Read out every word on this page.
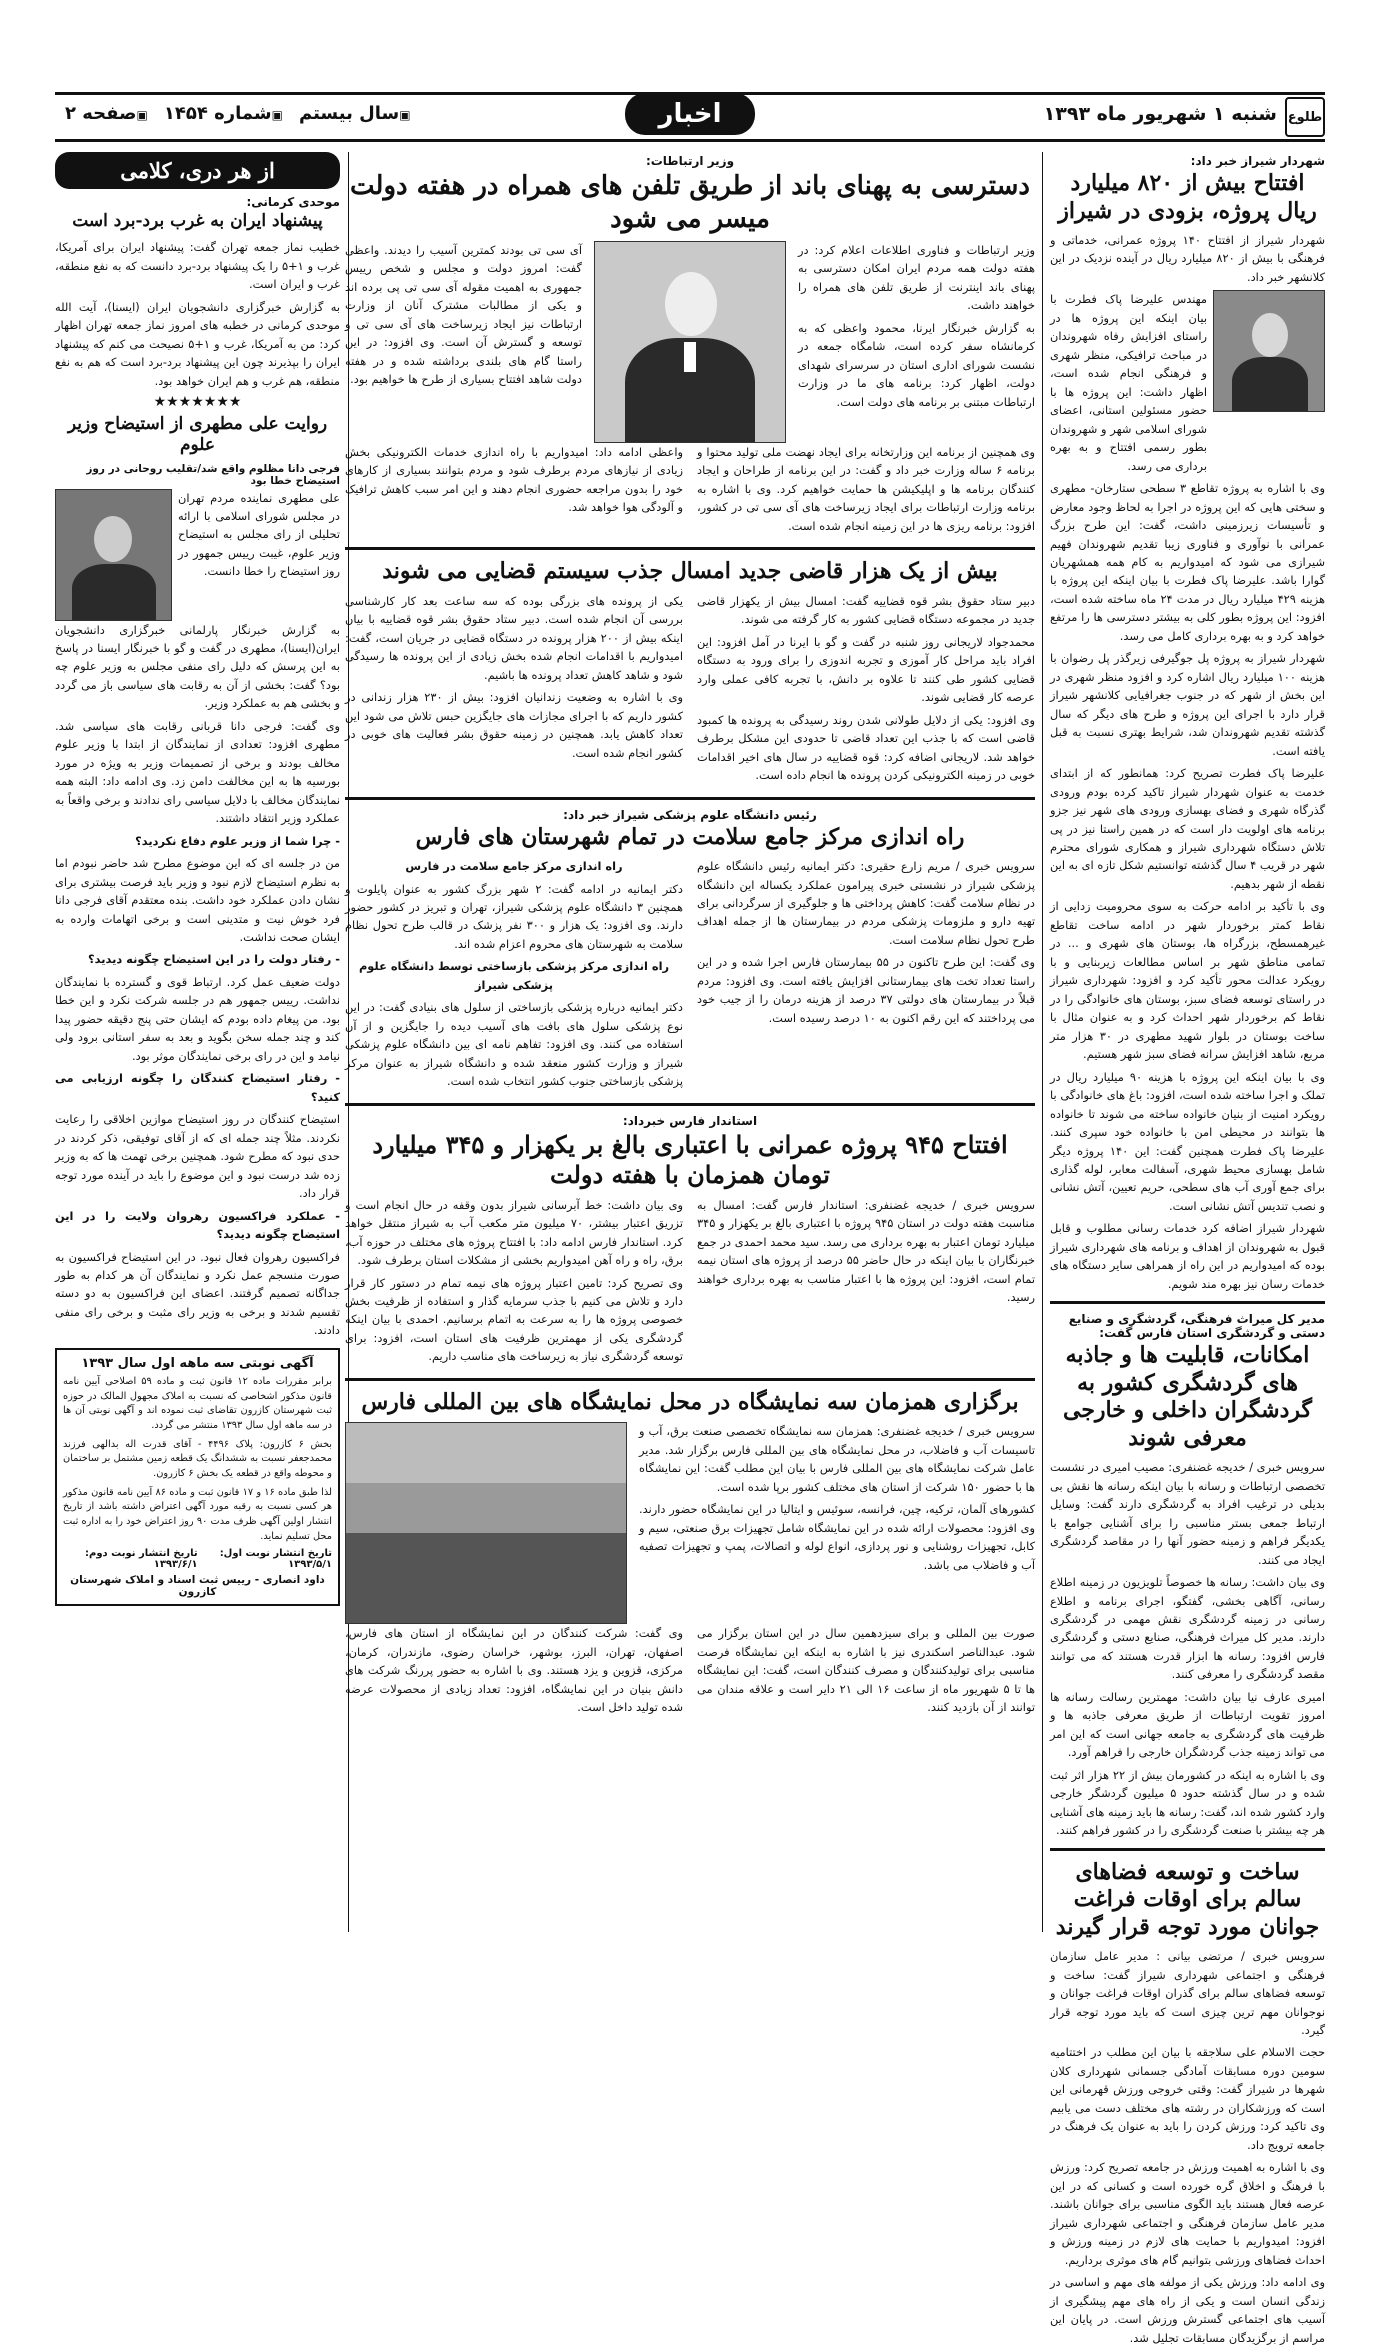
طلوع
شنبه ۱ شهریور ماه ۱۳۹۳
اخبار
▣ سال بیستم
▣ شماره ۱۴۵۴
▣ صفحه ۲
شهردار شیراز خبر داد:
افتتاح بیش از ۸۲۰ میلیارد ریال پروژه، بزودی در شیراز

شهردار شیراز از افتتاح ۱۴۰ پروژه عمرانی، خدماتی و فرهنگی با بیش از ۸۲۰ میلیارد ریال در آینده نزدیک در این کلانشهر خبر داد.

مهندس علیرضا پاک فطرت با بیان اینکه این پروژه ها در راستای افزایش رفاه شهروندان در مباحث ترافیکی، منظر شهری و فرهنگی انجام شده است، اظهار داشت: این پروژه ها با حضور مسئولین استانی، اعضای شورای اسلامی شهر و شهروندان بطور رسمی افتتاح و به بهره برداری می رسد.

وی با اشاره به پروژه تقاطع ۳ سطحی ستارخان- مطهری و سختی هایی که این پروژه در اجرا به لحاظ وجود معارض و تأسیسات زیرزمینی داشت، گفت: این طرح بزرگ عمرانی با نوآوری و فناوری زیبا تقدیم شهروندان فهیم شیرازی می شود که امیدواریم به کام همه همشهریان گوارا باشد. علیرضا پاک فطرت با بیان اینکه این پروژه با هزینه ۴۲۹ میلیارد ریال در مدت ۲۴ ماه ساخته شده است، افزود: این پروژه بطور کلی به بیشتر دسترسی ها را مرتفع خواهد کرد و به بهره برداری کامل می رسد.

شهردار شیراز به پروژه پل جوگیرفی زیرگذر پل رضوان با هزینه ۱۰۰ میلیارد ریال اشاره کرد و افزود منظر شهری در این بخش از شهر که در جنوب جغرافیایی کلانشهر شیراز قرار دارد با اجرای این پروژه و طرح های دیگر که سال گذشته تقدیم شهروندان شد، شرایط بهتری نسبت به قبل یافته است.

علیرضا پاک فطرت تصریح کرد: همانطور که از ابتدای خدمت به عنوان شهردار شیراز تاکید کرده بودم ورودی گذرگاه شهری و فضای بهسازی ورودی های شهر نیز جزو برنامه های اولویت دار است که در همین راستا نیز در پی تلاش دستگاه شهرداری شیراز و همکاری شورای محترم شهر در قریب ۴ سال گذشته توانستیم شکل تازه ای به این نقطه از شهر بدهیم.

وی با تأکید بر ادامه حرکت به سوی محرومیت زدایی از نقاط کمتر برخوردار شهر در ادامه ساخت تقاطع غیرهمسطح، بزرگراه ها، بوستان های شهری و ... در تمامی مناطق شهر بر اساس مطالعات زیربنایی و با رویکرد عدالت محور تأکید کرد و افزود: شهرداری شیراز در راستای توسعه فضای سبز، بوستان های خانوادگی را در نقاط کم برخوردار شهر احداث کرد و به عنوان مثال با ساخت بوستان در بلوار شهید مطهری در ۳۰ هزار متر مربع، شاهد افزایش سرانه فضای سبز شهر هستیم.

وی با بیان اینکه این پروژه با هزینه ۹۰ میلیارد ریال در تملک و اجرا ساخته شده است، افزود: باغ های خانوادگی با رویکرد امنیت از بنیان خانواده ساخته می شوند تا خانواده ها بتوانند در محیطی امن با خانواده خود سپری کنند. علیرضا پاک فطرت همچنین گفت: این ۱۴۰ پروژه دیگر شامل بهسازی محیط شهری، آسفالت معابر، لوله گذاری برای جمع آوری آب های سطحی، حریم تعیین، آتش نشانی و نصب تندیس آتش نشانی است.

شهردار شیراز اضافه کرد خدمات رسانی مطلوب و قابل قبول به شهروندان از اهداف و برنامه های شهرداری شیراز بوده که امیدواریم در این راه از همراهی سایر دستگاه های خدمات رسان نیز بهره مند شویم.

مدیر کل میراث فرهنگی، گردشگری و صنایع دستی و گردشگری استان فارس گفت:
امکانات، قابلیت ها و جاذبه های گردشگری کشور به گردشگران داخلی و خارجی معرفی شوند

سرویس خبری / خدیجه غضنفری: مصیب امیری در نشست تخصصی ارتباطات و رسانه با بیان اینکه رسانه ها نقش بی بدیلی در ترغیب افراد به گردشگری دارند گفت: وسایل ارتباط جمعی بستر مناسبی را برای آشنایی جوامع با یکدیگر فراهم و زمینه حضور آنها را در مقاصد گردشگری ایجاد می کنند.

وی بیان داشت: رسانه ها خصوصاً تلویزیون در زمینه اطلاع رسانی، آگاهی بخشی، گفتگو، اجرای برنامه و اطلاع رسانی در زمینه گردشگری نقش مهمی در گردشگری دارند. مدیر کل میراث فرهنگی، صنایع دستی و گردشگری فارس افزود: رسانه ها ابزار قدرت هستند که می توانند مقصد گردشگری را معرفی کنند.

امیری عارف نیا بیان داشت: مهمترین رسالت رسانه ها امروز تقویت ارتباطات از طریق معرفی جاذبه ها و ظرفیت های گردشگری به جامعه جهانی است که این امر می تواند زمینه جذب گردشگران خارجی را فراهم آورد.

وی با اشاره به اینکه در کشورمان بیش از ۲۲ هزار اثر ثبت شده و در سال گذشته حدود ۵ میلیون گردشگر خارجی وارد کشور شده اند، گفت: رسانه ها باید زمینه های آشنایی هر چه بیشتر با صنعت گردشگری را در کشور فراهم کنند.

ساخت و توسعه فضاهای سالم برای اوقات فراغت جوانان مورد توجه قرار گیرند

سرویس خبری / مرتضی بیانی : مدیر عامل سازمان فرهنگی و اجتماعی شهرداری شیراز گفت: ساخت و توسعه فضاهای سالم برای گذران اوقات فراغت جوانان و نوجوانان مهم ترین چیزی است که باید مورد توجه قرار گیرد.

حجت الاسلام علی سلاجقه با بیان این مطلب در اختتامیه سومین دوره مسابقات آمادگی جسمانی شهرداری کلان شهرها در شیراز گفت: وقتی خروجی ورزش قهرمانی این است که ورزشکاران در رشته های مختلف دست می یابیم وی تاکید کرد: ورزش کردن را باید به عنوان یک فرهنگ در جامعه ترویج داد.

وی با اشاره به اهمیت ورزش در جامعه تصریح کرد: ورزش با فرهنگ و اخلاق گره خورده است و کسانی که در این عرصه فعال هستند باید الگوی مناسبی برای جوانان باشند. مدیر عامل سازمان فرهنگی و اجتماعی شهرداری شیراز افزود: امیدواریم با حمایت های لازم در زمینه ورزش و احداث فضاهای ورزشی بتوانیم گام های موثری برداریم.

وی ادامه داد: ورزش یکی از مولفه های مهم و اساسی در زندگی انسان است و یکی از راه های مهم پیشگیری از آسیب های اجتماعی گسترش ورزش است. در پایان این مراسم از برگزیدگان مسابقات تجلیل شد.

وزیر ارتباطات:
دسترسی به پهنای باند از طریق تلفن های همراه در هفته دولت میسر می شود

وزیر ارتباطات و فناوری اطلاعات اعلام کرد: در هفته دولت همه مردم ایران امکان دسترسی به پهنای باند اینترنت از طریق تلفن های همراه را خواهند داشت.

به گزارش خبرنگار ایرنا، محمود واعظی که به کرمانشاه سفر کرده است، شامگاه جمعه در نشست شورای اداری استان در سرسرای شهدای دولت، اظهار کرد: برنامه های ما در وزارت ارتباطات مبتنی بر برنامه های دولت است.

آی سی تی بودند کمترین آسیب را دیدند. واعظی گفت: امروز دولت و مجلس و شخص رییس جمهوری به اهمیت مقوله آی سی تی پی برده اند و یکی از مطالبات مشترک آنان از وزارت ارتباطات نیز ایجاد زیرساخت های آی سی تی و توسعه و گسترش آن است. وی افزود: در این راستا گام های بلندی برداشته شده و در هفته دولت شاهد افتتاح بسیاری از طرح ها خواهیم بود.

وی همچنین از برنامه این وزارتخانه برای ایجاد نهضت ملی تولید محتوا و برنامه ۶ ساله وزارت خبر داد و گفت: در این برنامه از طراحان و ایجاد کنندگان برنامه ها و اپلیکیشن ها حمایت خواهیم کرد. وی با اشاره به برنامه وزارت ارتباطات برای ایجاد زیرساخت های آی سی تی در کشور، افزود: برنامه ریزی ها در این زمینه انجام شده است.

واعظی ادامه داد: امیدواریم با راه اندازی خدمات الکترونیکی بخش زیادی از نیازهای مردم برطرف شود و مردم بتوانند بسیاری از کارهای خود را بدون مراجعه حضوری انجام دهند و این امر سبب کاهش ترافیک و آلودگی هوا خواهد شد.

بیش از یک هزار قاضی جدید امسال جذب سیستم قضایی می شوند

دبیر ستاد حقوق بشر قوه قضاییه گفت: امسال بیش از یکهزار قاضی جدید در مجموعه دستگاه قضایی کشور به کار گرفته می شوند.

محمدجواد لاریجانی روز شنبه در گفت و گو با ایرنا در آمل افزود: این افراد باید مراحل کار آموزی و تجربه اندوزی را برای ورود به دستگاه قضایی کشور طی کنند تا علاوه بر دانش، با تجربه کافی عملی وارد عرصه کار قضایی شوند.

وی افزود: یکی از دلایل طولانی شدن روند رسیدگی به پرونده ها کمبود قاضی است که با جذب این تعداد قاضی تا حدودی این مشکل برطرف خواهد شد. لاریجانی اضافه کرد: قوه قضاییه در سال های اخیر اقدامات خوبی در زمینه الکترونیکی کردن پرونده ها انجام داده است.

یکی از پرونده های بزرگی بوده که سه ساعت بعد کار کارشناسی بررسی آن انجام شده است. دبیر ستاد حقوق بشر قوه قضاییه با بیان اینکه بیش از ۲۰۰ هزار پرونده در دستگاه قضایی در جریان است، گفت: امیدواریم با اقدامات انجام شده بخش زیادی از این پرونده ها رسیدگی شود و شاهد کاهش تعداد پرونده ها باشیم.

وی با اشاره به وضعیت زندانیان افزود: بیش از ۲۳۰ هزار زندانی در کشور داریم که با اجرای مجازات های جایگزین حبس تلاش می شود این تعداد کاهش یابد. همچنین در زمینه حقوق بشر فعالیت های خوبی در کشور انجام شده است.

رئیس دانشگاه علوم پزشکی شیراز خبر داد:
راه اندازی مرکز جامع سلامت در تمام شهرستان های فارس

سرویس خبری / مریم زارع حقیری: دکتر ایمانیه رئیس دانشگاه علوم پزشکی شیراز در نشستی خبری پیرامون عملکرد یکساله این دانشگاه در نظام سلامت گفت: کاهش پرداختی ها و جلوگیری از سرگردانی برای تهیه دارو و ملزومات پزشکی مردم در بیمارستان ها از جمله اهداف طرح تحول نظام سلامت است.

وی گفت: این طرح تاکنون در ۵۵ بیمارستان فارس اجرا شده و در این راستا تعداد تخت های بیمارستانی افزایش یافته است. وی افزود: مردم قبلاً در بیمارستان های دولتی ۳۷ درصد از هزینه درمان را از جیب خود می پرداختند که این رقم اکنون به ۱۰ درصد رسیده است.

راه اندازی مرکز جامع سلامت در فارس

دکتر ایمانیه در ادامه گفت: ۲ شهر بزرگ کشور به عنوان پایلوت و همچنین ۳ دانشگاه علوم پزشکی شیراز، تهران و تبریز در کشور حضور دارند. وی افزود: یک هزار و ۳۰۰ نفر پزشک در قالب طرح تحول نظام سلامت به شهرستان های محروم اعزام شده اند.

راه اندازی مرکز پزشکی بازساختی توسط دانشگاه علوم پزشکی شیراز

دکتر ایمانیه درباره پزشکی بازساختی از سلول های بنیادی گفت: در این نوع پزشکی سلول های بافت های آسیب دیده را جایگزین و از آن استفاده می کنند. وی افزود: تفاهم نامه ای بین دانشگاه علوم پزشکی شیراز و وزارت کشور منعقد شده و دانشگاه شیراز به عنوان مرکز پزشکی بازساختی جنوب کشور انتخاب شده است.

استاندار فارس خبرداد:
افتتاح ۹۴۵ پروژه عمرانی با اعتباری بالغ بر یکهزار و ۳۴۵ میلیارد تومان همزمان با هفته دولت

سرویس خبری / خدیجه غضنفری: استاندار فارس گفت: امسال به مناسبت هفته دولت در استان ۹۴۵ پروژه با اعتباری بالغ بر یکهزار و ۳۴۵ میلیارد تومان اعتبار به بهره برداری می رسد. سید محمد احمدی در جمع خبرنگاران با بیان اینکه در حال حاضر ۵۵ درصد از پروژه های استان نیمه تمام است، افزود: این پروژه ها با اعتبار مناسب به بهره برداری خواهند رسید.

وی بیان داشت: خط آبرسانی شیراز بدون وقفه در حال انجام است و تزریق اعتبار بیشتر، ۷۰ میلیون متر مکعب آب به شیراز منتقل خواهد کرد. استاندار فارس ادامه داد: با افتتاح پروژه های مختلف در حوزه آب، برق، راه و راه آهن امیدواریم بخشی از مشکلات استان برطرف شود.

وی تصریح کرد: تامین اعتبار پروژه های نیمه تمام در دستور کار قرار دارد و تلاش می کنیم با جذب سرمایه گذار و استفاده از ظرفیت بخش خصوصی پروژه ها را به سرعت به اتمام برسانیم. احمدی با بیان اینکه گردشگری یکی از مهمترین ظرفیت های استان است، افزود: برای توسعه گردشگری نیاز به زیرساخت های مناسب داریم.

برگزاری همزمان سه نمایشگاه در محل نمایشگاه های بین المللی فارس

سرویس خبری / خدیجه غضنفری: همزمان سه نمایشگاه تخصصی صنعت برق، آب و تاسیسات آب و فاضلاب، در محل نمایشگاه های بین المللی فارس برگزار شد. مدیر عامل شرکت نمایشگاه های بین المللی فارس با بیان این مطلب گفت: این نمایشگاه ها با حضور ۱۵۰ شرکت از استان های مختلف کشور برپا شده است.

کشورهای آلمان، ترکیه، چین، فرانسه، سوئیس و ایتالیا در این نمایشگاه حضور دارند. وی افزود: محصولات ارائه شده در این نمایشگاه شامل تجهیزات برق صنعتی، سیم و کابل، تجهیزات روشنایی و نور پردازی، انواع لوله و اتصالات، پمپ و تجهیزات تصفیه آب و فاضلاب می باشد.

صورت بین المللی و برای سیزدهمین سال در این استان برگزار می شود. عبدالناصر اسکندری نیز با اشاره به اینکه این نمایشگاه فرصت مناسبی برای تولیدکنندگان و مصرف کنندگان است، گفت: این نمایشگاه ها تا ۵ شهریور ماه از ساعت ۱۶ الی ۲۱ دایر است و علاقه مندان می توانند از آن بازدید کنند.

وی گفت: شرکت کنندگان در این نمایشگاه از استان های فارس، اصفهان، تهران، البرز، بوشهر، خراسان رضوی، مازندران، کرمان، مرکزی، قزوین و یزد هستند. وی با اشاره به حضور پررنگ شرکت های دانش بنیان در این نمایشگاه، افزود: تعداد زیادی از محصولات عرضه شده تولید داخل است.

از هر دری، کلامی
موحدی کرمانی:
پیشنهاد ایران به غرب برد-برد است

خطیب نماز جمعه تهران گفت: پیشنهاد ایران برای آمریکا، غرب و ۱+۵ را یک پیشنهاد برد-برد دانست که به نفع منطقه، غرب و ایران است.

به گزارش خبرگزاری دانشجویان ایران (ایسنا)، آیت الله موحدی کرمانی در خطبه های امروز نماز جمعه تهران اظهار کرد: من به آمریکا، غرب و ۱+۵ نصیحت می کنم که پیشنهاد ایران را بپذیرند چون این پیشنهاد برد-برد است که هم به نفع منطقه، هم غرب و هم ایران خواهد بود.

★★★★★★★
روایت علی مطهری از استیضاح وزیر علوم
فرجی دانا مظلوم واقع شد/تقلیب روحانی در روز استیضاح خطا بود

علی مطهری نماینده مردم تهران در مجلس شورای اسلامی با ارائه تحلیلی از رای مجلس به استیضاح وزیر علوم، غیبت رییس جمهور در روز استیضاح را خطا دانست.

به گزارش خبرنگار پارلمانی خبرگزاری دانشجویان ایران(ایسنا)، مطهری در گفت و گو با خبرنگار ایسنا در پاسخ به این پرسش که دلیل رای منفی مجلس به وزیر علوم چه بود؟ گفت: بخشی از آن به رقابت های سیاسی باز می گردد و بخشی هم به عملکرد وزیر.

وی گفت: فرجی دانا قربانی رقابت های سیاسی شد. مطهری افزود: تعدادی از نمایندگان از ابتدا با وزیر علوم مخالف بودند و برخی از تصمیمات وزیر به ویژه در مورد بورسیه ها به این مخالفت دامن زد. وی ادامه داد: البته همه نمایندگان مخالف با دلایل سیاسی رای ندادند و برخی واقعاً به عملکرد وزیر انتقاد داشتند.

- چرا شما از وزیر علوم دفاع نکردید؟

من در جلسه ای که این موضوع مطرح شد حاضر نبودم اما به نظرم استیضاح لازم نبود و وزیر باید فرصت بیشتری برای نشان دادن عملکرد خود داشت. بنده معتقدم آقای فرجی دانا فرد خوش نیت و متدینی است و برخی اتهامات وارده به ایشان صحت نداشت.

- رفتار دولت را در این استیضاح چگونه دیدید؟

دولت ضعیف عمل کرد. ارتباط قوی و گسترده با نمایندگان نداشت. رییس جمهور هم در جلسه شرکت نکرد و این خطا بود. من پیغام داده بودم که ایشان حتی پنج دقیقه حضور پیدا کند و چند جمله سخن بگوید و بعد به سفر استانی برود ولی نیامد و این در رای برخی نمایندگان موثر بود.

- رفتار استیضاح کنندگان را چگونه ارزیابی می کنید؟

استیضاح کنندگان در روز استیضاح موازین اخلاقی را رعایت نکردند. مثلاً چند جمله ای که از آقای توفیقی، ذکر کردند در حدی نبود که مطرح شود. همچنین برخی تهمت ها که به وزیر زده شد درست نبود و این موضوع را باید در آینده مورد توجه قرار داد.

- عملکرد فراکسیون رهروان ولایت را در این استیضاح چگونه دیدید؟

فراکسیون رهروان فعال نبود. در این استیضاح فراکسیون به صورت منسجم عمل نکرد و نمایندگان آن هر کدام به طور جداگانه تصمیم گرفتند. اعضای این فراکسیون به دو دسته تقسیم شدند و برخی به وزیر رای مثبت و برخی رای منفی دادند.

آگهی نوبتی سه ماهه اول سال ۱۳۹۳

برابر مقررات ماده ۱۲ قانون ثبت و ماده ۵۹ اصلاحی آیین نامه قانون مذکور اشخاصی که نسبت به املاک مجهول المالک در حوزه ثبت شهرستان کازرون تقاضای ثبت نموده اند و آگهی نوبتی آن ها در سه ماهه اول سال ۱۳۹۳ منتشر می گردد.

بخش ۶ کازرون: پلاک ۴۴۹۶ - آقای قدرت اله بدالهی فرزند محمدجعفر نسبت به ششدانگ یک قطعه زمین مشتمل بر ساختمان و محوطه واقع در قطعه یک بخش ۶ کازرون.

لذا طبق ماده ۱۶ و ۱۷ قانون ثبت و ماده ۸۶ آیین نامه قانون مذکور هر کسی نسبت به رقبه مورد آگهی اعتراض داشته باشد از تاریخ انتشار اولین آگهی ظرف مدت ۹۰ روز اعتراض خود را به اداره ثبت محل تسلیم نماید.

تاریخ انتشار نوبت اول: ۱۳۹۳/۵/۱
تاریخ انتشار نوبت دوم: ۱۳۹۳/۶/۱
داود انصاری - رییس ثبت اسناد و املاک شهرستان کازرون
